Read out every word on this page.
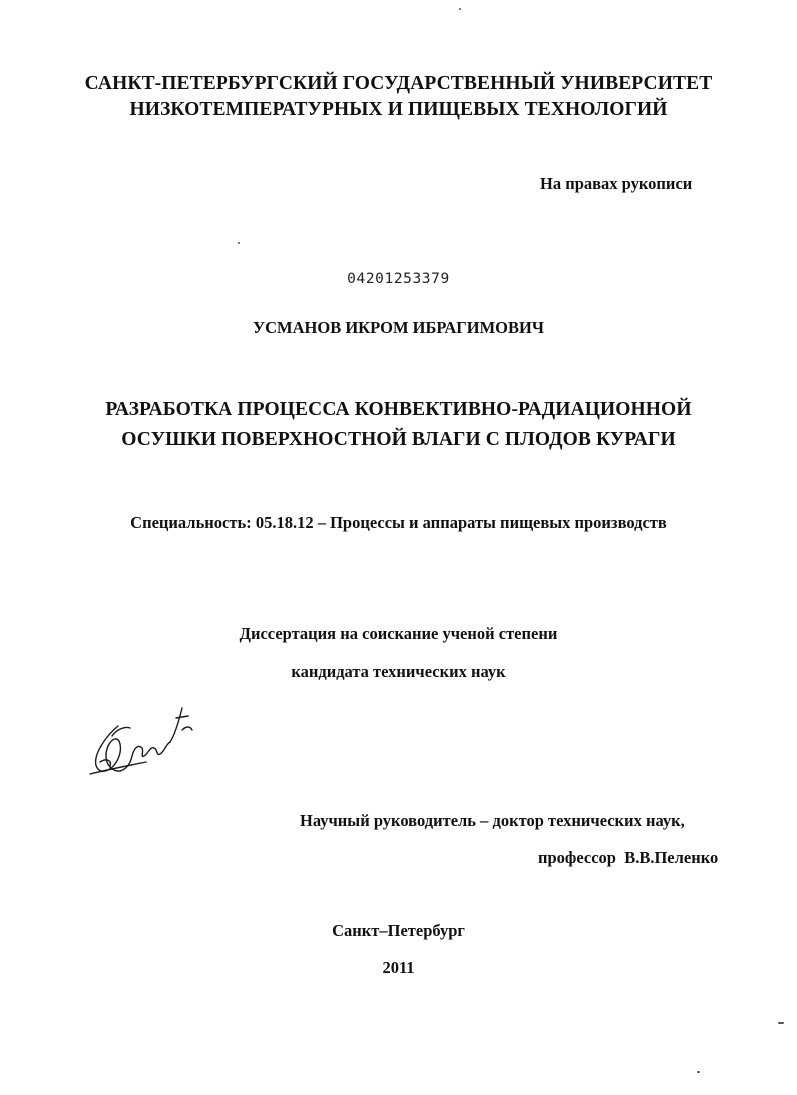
САНКТ-ПЕТЕРБУРГСКИЙ ГОСУДАРСТВЕННЫЙ УНИВЕРСИТЕТ
НИЗКОТЕМПЕРАТУРНЫХ И ПИЩЕВЫХ ТЕХНОЛОГИЙ
На правах рукописи
04201253379
УСМАНОВ ИКРОМ ИБРАГИМОВИЧ
РАЗРАБОТКА ПРОЦЕССА КОНВЕКТИВНО-РАДИАЦИОННОЙ
ОСУШКИ ПОВЕРХНОСТНОЙ ВЛАГИ С ПЛОДОВ КУРАГИ
Специальность: 05.18.12 – Процессы и аппараты пищевых производств
Диссертация на соискание ученой степени
кандидата технических наук
Научный руководитель – доктор технических наук,
профессор  В.В.Пеленко
Санкт–Петербург
2011
